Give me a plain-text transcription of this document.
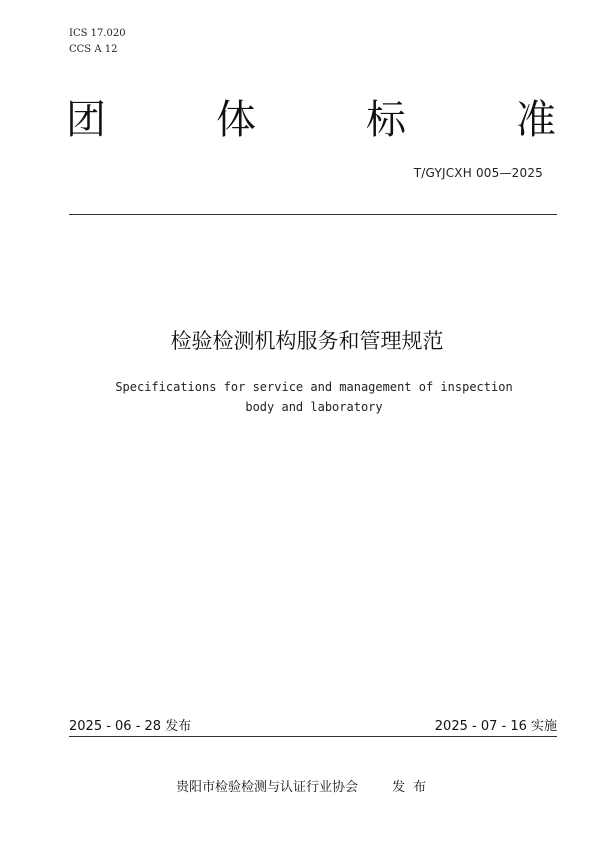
ICS 17.020
CCS A 12
团	体	标	准
T/GYJCXH 005—2025
检验检测机构服务和管理规范
Specifications for service and management of inspection
body and laboratory
2025 - 06 - 28 发布	2025 - 07 - 16 实施
贵阳市检验检测与认证行业协会	发布
